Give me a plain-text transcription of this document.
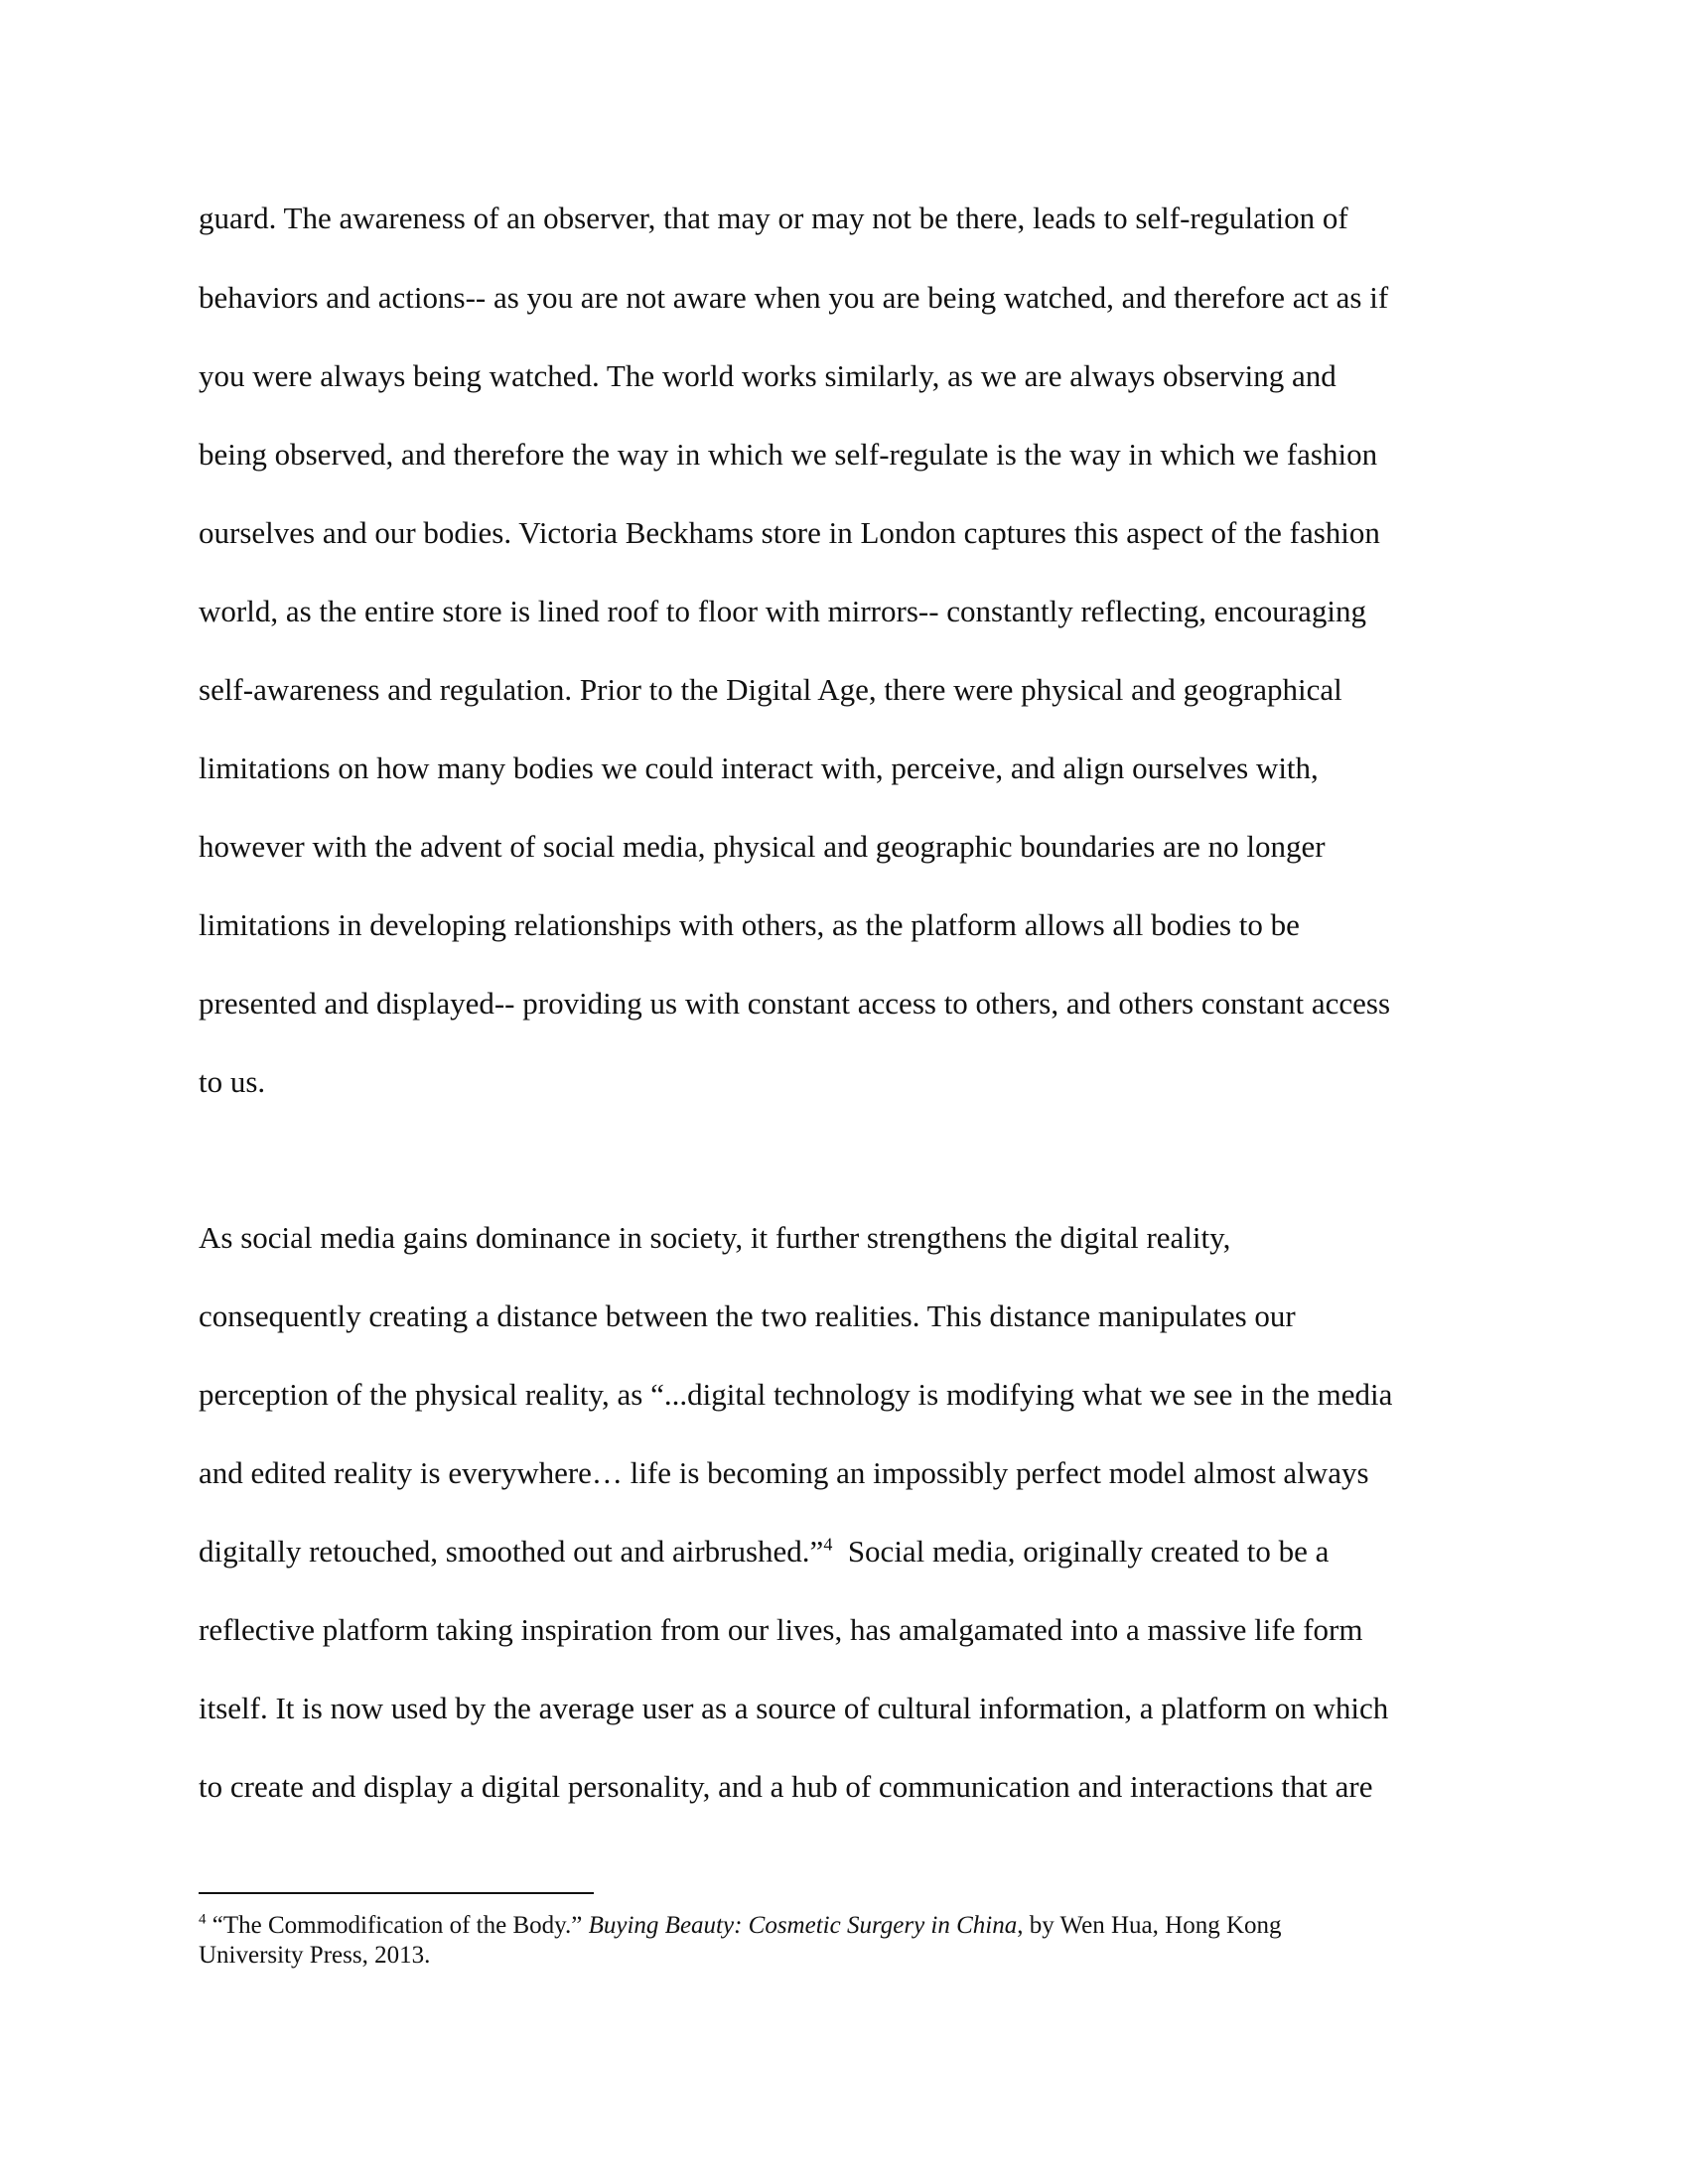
guard. The awareness of an observer, that may or may not be there, leads to self-regulation of
behaviors and actions-- as you are not aware when you are being watched, and therefore act as if
you were always being watched. The world works similarly, as we are always observing and
being observed, and therefore the way in which we self-regulate is the way in which we fashion
ourselves and our bodies. Victoria Beckhams store in London captures this aspect of the fashion
world, as the entire store is lined roof to floor with mirrors-- constantly reflecting, encouraging
self-awareness and regulation. Prior to the Digital Age, there were physical and geographical
limitations on how many bodies we could interact with, perceive, and align ourselves with,
however with the advent of social media, physical and geographic boundaries are no longer
limitations in developing relationships with others, as the platform allows all bodies to be
presented and displayed-- providing us with constant access to others, and others constant access
to us.
As social media gains dominance in society, it further strengthens the digital reality,
consequently creating a distance between the two realities. This distance manipulates our
perception of the physical reality, as “...digital technology is modifying what we see in the media
and edited reality is everywhere… life is becoming an impossibly perfect model almost always
digitally retouched, smoothed out and airbrushed.”$^4$  Social media, originally created to be a
reflective platform taking inspiration from our lives, has amalgamated into a massive life form
itself. It is now used by the average user as a source of cultural information, a platform on which
to create and display a digital personality, and a hub of communication and interactions that are
$^4$ “The Commodification of the Body.” Buying Beauty: Cosmetic Surgery in China, by Wen Hua, Hong Kong
University Press, 2013.
